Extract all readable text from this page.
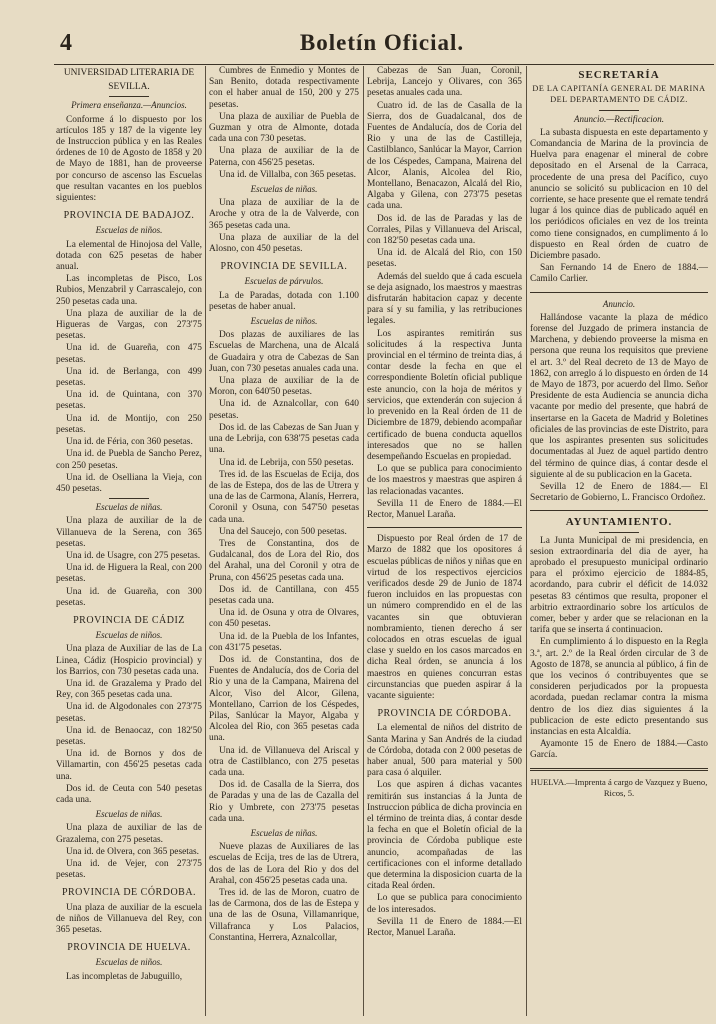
4	Boletín Oficial.
UNIVERSIDAD LITERARIA DE
SEVILLA.
Primera enseñanza.—Anuncios.

Conforme á lo dispuesto por los artículos 185 y 187 de la vigente ley de Instruccion pública y en las Reales órdenes de 10 de Agosto de 1858 y 20 de Mayo de 1881, han de proveerse por concurso de ascenso las Escuelas que resultan vacantes en los pueblos siguientes:

PROVINCIA DE BADAJOZ.
Escuelas de niños.

La elemental de Hinojosa del Valle, dotada con 625 pesetas de haber anual.

Las incompletas de Pisco, Los Rubios, Menzabril y Carrascalejo, con 250 pesetas cada una.

Una plaza de auxiliar de la de Higueras de Vargas, con 273'75 pesetas.

Una id. de Guareña, con 475 pesetas.

Una id. de Berlanga, con 499 pesetas.

Una id. de Quintana, con 370 pesetas.

Una id. de Montijo, con 250 pesetas.

Una id. de Féria, con 360 pesetas.

Una id. de Puebla de Sancho Perez, con 250 pesetas.

Una id. de Oselliana la Vieja, con 450 pesetas.

Escuelas de niñas.

Una plaza de auxiliar de la de Villanueva de la Serena, con 365 pesetas.

Una id. de Usagre, con 275 pesetas.

Una id. de Higuera la Real, con 200 pesetas.

Una id. de Guareña, con 300 pesetas.

PROVINCIA DE CÁDIZ
Escuelas de niños.

Una plaza de Auxiliar de las de La Linea, Cádiz (Hospicio provincial) y los Barrios, con 730 pesetas cada una.

Una id. de Grazalema y Prado del Rey, con 365 pesetas cada una.

Una id. de Algodonales con 273'75 pesetas.

Una id. de Benaocaz, con 182'50 pesetas.

Una id. de Bornos y dos de Villamartin, con 456'25 pesetas cada una.

Dos id. de Ceuta con 540 pesetas cada una.

Escuelas de niñas.

Una plaza de auxiliar de las de Grazalema, con 275 pesetas.

Una id. de Olvera, con 365 pesetas.

Una id. de Vejer, con 273'75 pesetas.

PROVINCIA DE CÓRDOBA.

Una plaza de auxiliar de la escuela de niños de Villanueva del Rey, con 365 pesetas.

PROVINCIA DE HUELVA.
Escuelas de niños.

Las incompletas de Jabuguillo,

Cumbres de Enmedio y Montes de San Benito, dotada respectivamente con el haber anual de 150, 200 y 275 pesetas.

Una plaza de auxiliar de Puebla de Guzman y otra de Almonte, dotada cada una con 730 pesetas.

Una plaza de auxiliar de la de Paterna, con 456'25 pesetas.

Una id. de Villalba, con 365 pesetas.

Escuelas de niñas.

Una plaza de auxiliar de la de Aroche y otra de la de Valverde, con 365 pesetas cada una.

Una plaza de auxiliar de la del Alosno, con 450 pesetas.

PROVINCIA DE SEVILLA.
Escuelas de párvulos.

La de Paradas, dotada con 1.100 pesetas de haber anual.

Escuelas de niños.

Dos plazas de auxiliares de las Escuelas de Marchena, una de Alcalá de Guadaira y otra de Cabezas de San Juan, con 730 pesetas anuales cada una.

Una plaza de auxiliar de la de Moron, con 640'50 pesetas.

Una id. de Aznalcollar, con 640 pesetas.

Dos id. de las Cabezas de San Juan y una de Lebrija, con 638'75 pesetas cada una.

Una id. de Lebrija, con 550 pesetas.

Tres id. de las Escuelas de Ecija, dos de las de Estepa, dos de las de Utrera y una de las de Carmona, Alanís, Herrera, Coronil y Osuna, con 547'50 pesetas cada una.

Una del Saucejo, con 500 pesetas.

Tres de Constantina, dos de Gudalcanal, dos de Lora del Rio, dos del Arahal, una del Coronil y otra de Pruna, con 456'25 pesetas cada una.

Dos id. de Cantillana, con 455 pesetas cada una.

Una id. de Osuna y otra de Olvares, con 450 pesetas.

Una id. de la Puebla de los Infantes, con 431'75 pesetas.

Dos id. de Constantina, dos de Fuentes de Andalucía, dos de Coria del Rio y una de la Campana, Mairena del Alcor, Viso del Alcor, Gilena, Montellano, Carrion de los Céspedes, Pilas, Sanlúcar la Mayor, Algaba y Alcolea del Rio, con 365 pesetas cada una.

Una id. de Villanueva del Ariscal y otra de Castilblanco, con 275 pesetas cada una.

Dos id. de Casalla de la Sierra, dos de Paradas y una de las de Cazalla del Rio y Umbrete, con 273'75 pesetas cada una.

Escuelas de niñas.

Nueve plazas de Auxiliares de las escuelas de Ecija, tres de las de Utrera, dos de las de Lora del Rio y dos del Arahal, con 456'25 pesetas cada una.

Tres id. de las de Moron, cuatro de las de Carmona, dos de las de Estepa y una de las de Osuna, Villamanrique, Villafranca y Los Palacios, Constantina, Herrera, Aznalcollar,

Cabezas de San Juan, Coronil, Lebrija, Lancejo y Olivares, con 365 pesetas anuales cada una.

Cuatro id. de las de Casalla de la Sierra, dos de Guadalcanal, dos de Fuentes de Andalucía, dos de Coria del Rio y una de las de Castilleja, Castilblanco, Sanlúcar la Mayor, Carrion de los Céspedes, Campana, Mairena del Alcor, Alanis, Alcolea del Rio, Montellano, Benacazon, Alcalá del Rio, Algaba y Gilena, con 273'75 pesetas cada una.

Dos id. de las de Paradas y las de Corrales, Pilas y Villanueva del Ariscal, con 182'50 pesetas cada una.

Una id. de Alcalá del Rio, con 150 pesetas.

Además del sueldo que á cada escuela se deja asignado, los maestros y maestras disfrutarán habitacion capaz y decente para sí y su familia, y las retribuciones legales.

Los aspirantes remitirán sus solicitudes á la respectiva Junta provincial en el término de treinta dias, á contar desde la fecha en que el correspondiente Boletín oficial publique este anuncio, con la hoja de méritos y servicios, que extenderán con sujecion á lo prevenido en la Real órden de 11 de Diciembre de 1879, debiendo acompañar certificado de buena conducta aquellos interesados que no se hallen desempeñando Escuelas en propiedad.

Lo que se publica para conocimiento de los maestros y maestras que aspiren á las relacionadas vacantes.

Sevilla 11 de Enero de 1884.—El Rector, Manuel Laraña.

Dispuesto por Real órden de 17 de Marzo de 1882 que los opositores á escuelas públicas de niños y niñas que en virtud de los respectivos ejercicios verificados desde 29 de Junio de 1874 fueron incluidos en las propuestas con un número comprendido en el de las vacantes sin que obtuvieran nombramiento, tienen derecho á ser colocados en otras escuelas de igual clase y sueldo en los casos marcados en dicha Real órden, se anuncia á los maestros en quienes concurran estas circunstancias que pueden aspirar á la vacante siguiente:

PROVINCIA DE CÓRDOBA.

La elemental de niños del distrito de Santa Marina y San Andrés de la ciudad de Córdoba, dotada con 2 000 pesetas de haber anual, 500 para material y 500 para casa ó alquiler.

Los que aspiren á dichas vacantes remitirán sus instancias á la Junta de Instruccion pública de dicha provincia en el término de treinta dias, á contar desde la fecha en que el Boletín oficial de la provincia de Córdoba publique este anuncio, acompañadas de las certificaciones con el informe detallado que determina la disposicion cuarta de la citada Real órden.

Lo que se publica para conocimiento de los interesados.

Sevilla 11 de Enero de 1884.—El Rector, Manuel Laraña.

SECRETARÍA
DE LA CAPITANÍA GENERAL DE MARINA DEL DEPARTAMENTO DE CÁDIZ.
Anuncio.—Rectificacion.

La subasta dispuesta en este departamento y Comandancia de Marina de la provincia de Huelva para enagenar el mineral de cobre depositado en el Arsenal de la Carraca, procedente de una presa del Pacífico, cuyo anuncio se solicitó su publicacion en 10 del corriente, se hace presente que el remate tendrá lugar á los quince dias de publicado aquél en los periódicos oficiales en vez de los treinta como tiene consignados, en cumplimento á lo dispuesto en Real órden de cuatro de Diciembre pasado.

San Fernando 14 de Enero de 1884.—Camilo Carlier.

Anuncio.

Hallándose vacante la plaza de médico forense del Juzgado de primera instancia de Marchena, y debiendo proveerse la misma en persona que reuna los requisitos que previene el art. 3.º del Real decreto de 13 de Mayo de 1862, con arreglo á lo dispuesto en órden de 14 de Mayo de 1873, por acuerdo del Ilmo. Señor Presidente de esta Audiencia se anuncia dicha vacante por medio del presente, que habrá de insertarse en la Gaceta de Madrid y Boletines oficiales de las provincias de este Distrito, para que los aspirantes presenten sus solicitudes documentadas al Juez de aquel partido dentro del término de quince dias, á contar desde el siguiente al de su publicacion en la Gaceta.

Sevilla 12 de Enero de 1884.— El Secretario de Gobierno, L. Francisco Ordoñez.

AYUNTAMIENTO.

La Junta Municipal de mi presidencia, en sesion extraordinaria del dia de ayer, ha aprobado el presupuesto municipal ordinario para el próximo ejercicio de 1884-85, acordando, para cubrir el déficit de 14.032 pesetas 83 céntimos que resulta, proponer el arbitrio extraordinario sobre los artículos de comer, beber y arder que se relacionan en la tarifa que se inserta á continuacion.

En cumplimiento á lo dispuesto en la Regla 3.ª, art. 2.º de la Real órden circular de 3 de Agosto de 1878, se anuncia al público, á fin de que los vecinos ó contribuyentes que se consideren perjudicados por la propuesta acordada, puedan reclamar contra la misma dentro de los diez dias siguientes á la publicacion de este edicto presentando sus instancias en esta Alcaldía.

Ayamonte 15 de Enero de 1884.—Casto García.

HUELVA.—Imprenta á cargo de Vazquez y Bueno, Ricos, 5.
